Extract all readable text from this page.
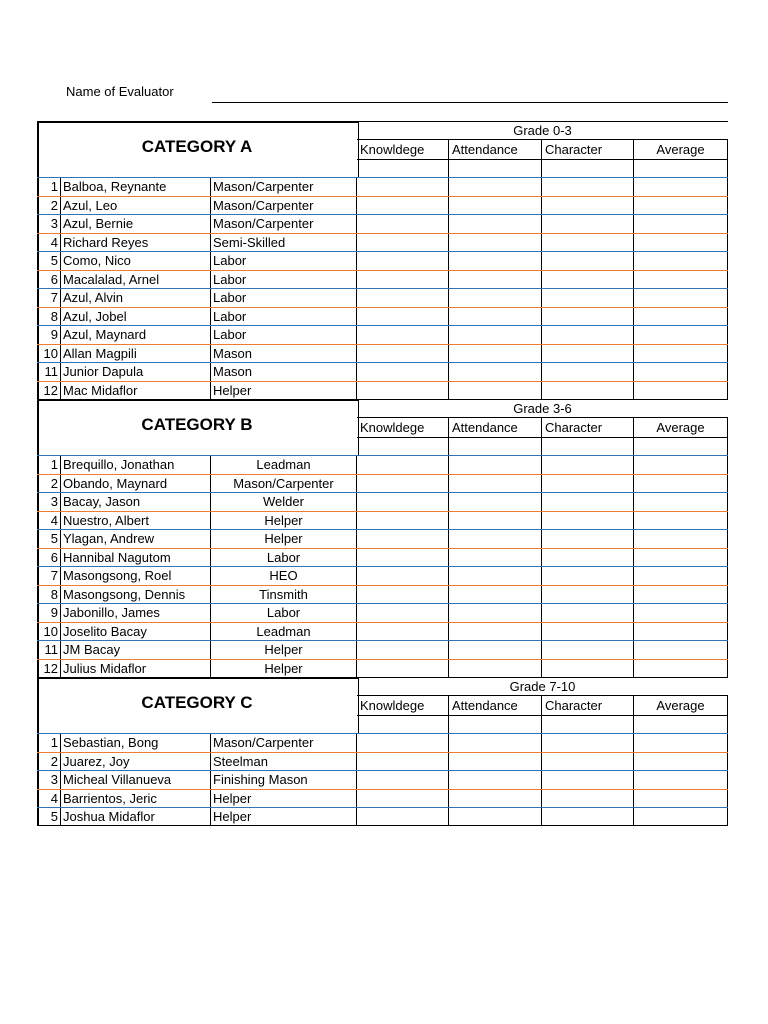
Name of Evaluator
CATEGORY A
Grade 0-3
Knowldege	Attendance	Character	Average
1 Balboa, Reynante	Mason/Carpenter
2 Azul, Leo	Mason/Carpenter
3 Azul, Bernie	Mason/Carpenter
4 Richard Reyes	Semi-Skilled
5 Como, Nico	Labor
6 Macalalad, Arnel	Labor
7 Azul, Alvin	Labor
8 Azul, Jobel	Labor
9 Azul, Maynard	Labor
10 Allan Magpili	Mason
11 Junior Dapula	Mason
12 Mac Midaflor	Helper
CATEGORY B
Grade 3-6
Knowldege	Attendance	Character	Average
1 Brequillo, Jonathan	Leadman
2 Obando, Maynard	Mason/Carpenter
3 Bacay, Jason	Welder
4 Nuestro, Albert	Helper
5 Ylagan, Andrew	Helper
6 Hannibal Nagutom	Labor
7 Masongsong, Roel	HEO
8 Masongsong, Dennis	Tinsmith
9 Jabonillo, James	Labor
10 Joselito Bacay	Leadman
11 JM Bacay	Helper
12 Julius Midaflor	Helper
CATEGORY C
Grade 7-10
Knowldege	Attendance	Character	Average
1 Sebastian, Bong	Mason/Carpenter
2 Juarez, Joy	Steelman
3 Micheal Villanueva	Finishing Mason
4 Barrientos, Jeric	Helper
5 Joshua Midaflor	Helper
